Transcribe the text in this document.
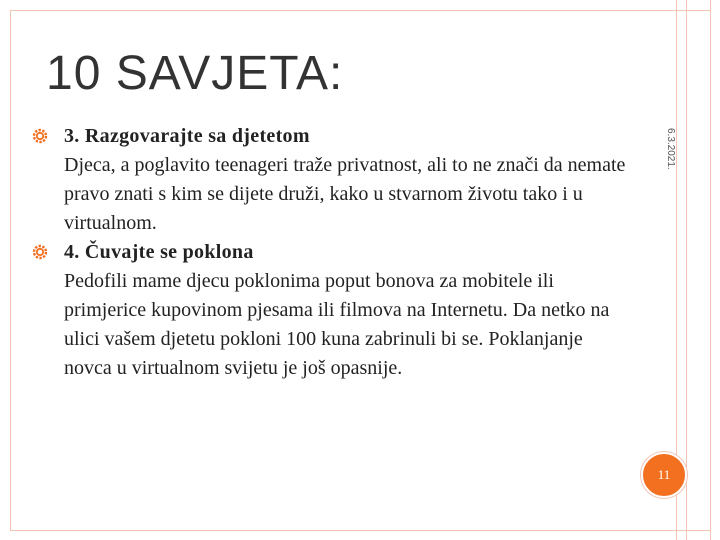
10 SAVJETA:
6.3.2021.
3. Razgovarajte sa djetetom
Djeca, a poglavito teenageri traže privatnost, ali to ne znači da nemate pravo znati s kim se dijete druži, kako u stvarnom životu tako i u virtualnom.
4. Čuvajte se poklona
Pedofili mame djecu poklonima poput bonova za mobitele ili primjerice kupovinom pjesama ili filmova na Internetu. Da netko na ulici vašem djetetu pokloni 100 kuna zabrinuli bi se. Poklanjanje novca u virtualnom svijetu je još opasnije.
11
